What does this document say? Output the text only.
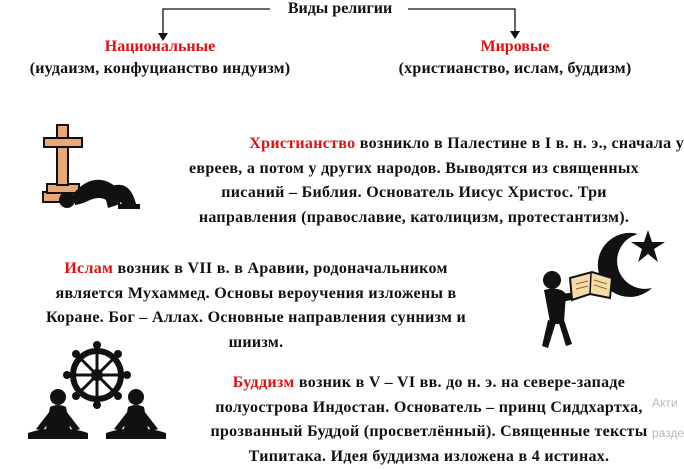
Виды религии
Национальные
(иудаизм, конфуцианство индуизм)
Мировые
(христианство, ислам, буддизм)
Христианство возникло в Палестине в I в. н. э., сначала у
евреев, а потом у других народов. Выводятся из священных
писаний – Библия. Основатель Иисус Христос. Три
направления (православие, католицизм, протестантизм).
Ислам возник в VII в. в Аравии, родоначальником
является Мухаммед. Основы вероучения изложены в
Коране. Бог – Аллах. Основные направления суннизм и
шиизм.
Буддизм возник в V – VI вв. до н. э. на севере-западе
полуострова Индостан. Основатель – принц Сиддхартха,
прозванный Буддой (просветлённый). Священные тексты
Типитака. Идея буддизма изложена в 4 истинах.
Акти
разде
